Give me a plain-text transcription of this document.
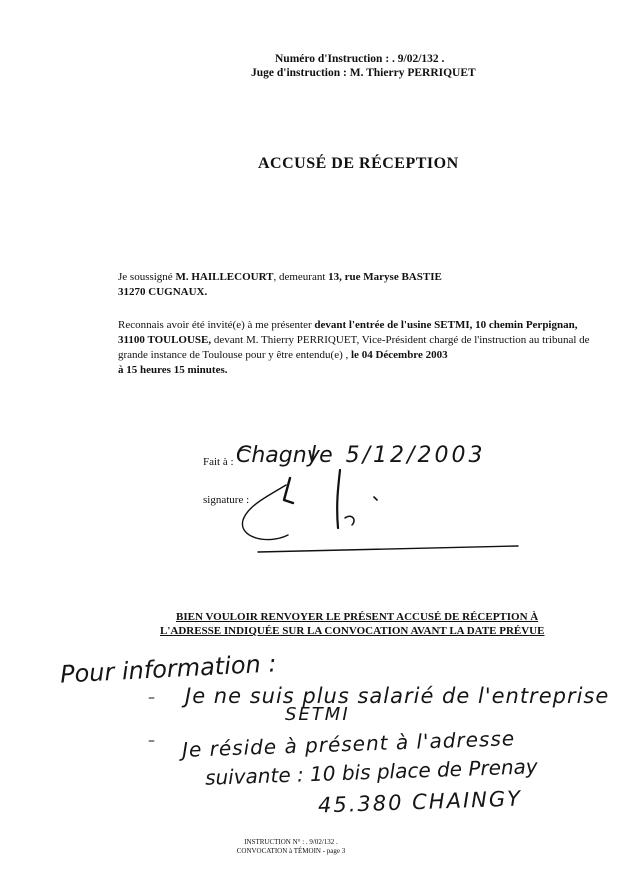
Numéro d'Instruction : . 9/02/132 .
Juge d'instruction : M. Thierry PERRIQUET
ACCUSÉ DE RÉCEPTION
Je soussigné M. HAILLECOURT, demeurant 13, rue Maryse BASTIE
31270 CUGNAUX.
Reconnais avoir été invité(e) à me présenter devant l'entrée de l'usine SETMI, 10 chemin Perpignan, 31100 TOULOUSE, devant M. Thierry PERRIQUET, Vice-Président chargé de l'instruction au tribunal de grande instance de Toulouse pour y être entendu(e) , le 04 Décembre 2003
à 15 heures 15 minutes.
Fait à : Chagny
le 5/12/2003
signature :
BIEN VOULOIR RENVOYER LE PRÉSENT ACCUSÉ DE RÉCEPTION À
L'ADRESSE INDIQUÉE SUR LA CONVOCATION AVANT LA DATE PRÉVUE
Pour information :
– Je ne suis plus salarié de l'entreprise
SETMI
– Je réside à présent à l'adresse
suivante : 10 bis place de Prenay
45.380 CHAINGY
INSTRUCTION N° : . 9/02/132 .
CONVOCATION à TÉMOIN - page 3
